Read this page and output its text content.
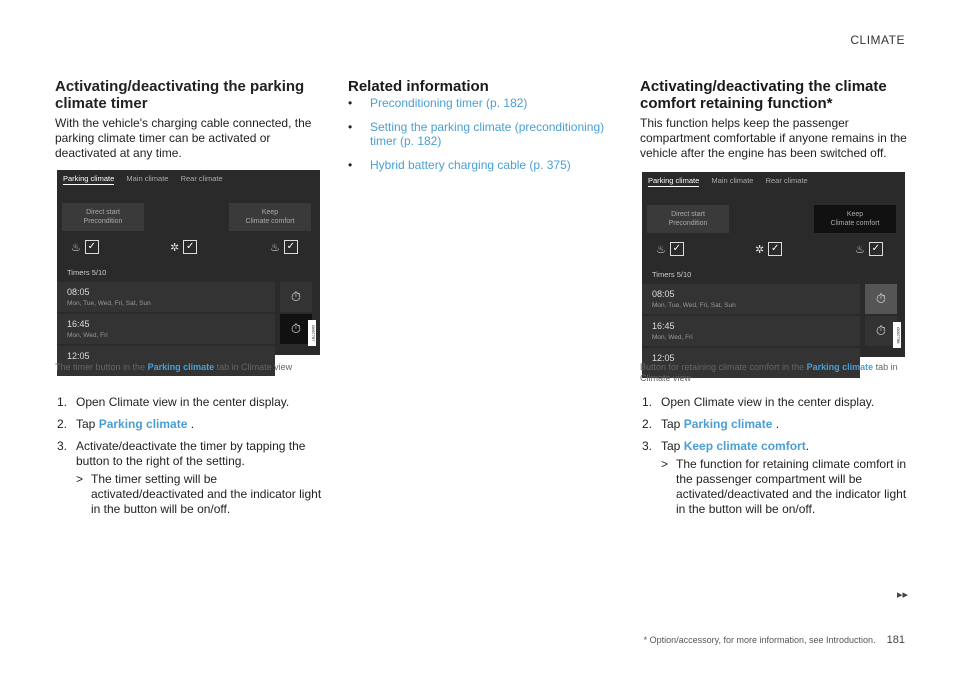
CLIMATE
Activating/deactivating the parking climate timer

With the vehicle's charging cable connected, the parking climate timer can be activated or deactivated at any time.

Parking climate Main climate Rear climate
Direct start
Precondition
Keep
Climate comfort
♨ ✓	✲ ✓	♨ ✓
Timers 5/10
08:05
Mon, Tue, Wed, Fri, Sat, Sun	⏱
16:45
Mon, Wed, Fri	⏱
12:05
G057767
The timer button in the Parking climate tab in Climate view
1. Open Climate view in the center display.
2. Tap Parking climate .
3. Activate/deactivate the timer by tapping the button to the right of the setting.
> The timer setting will be activated/deactivated and the indicator light in the button will be on/off.
Related information
•	Preconditioning timer (p. 182)
•	Setting the parking climate (preconditioning) timer (p. 182)
•	Hybrid battery charging cable (p. 375)
Activating/deactivating the climate comfort retaining function*

This function helps keep the passenger compartment comfortable if anyone remains in the vehicle after the engine has been switched off.

Parking climate Main climate Rear climate
Direct start
Precondition
Keep
Climate comfort
♨ ✓	✲ ✓	♨ ✓
Timers 5/10
08:05
Mon, Tue, Wed, Fri, Sat, Sun	⏱
16:45
Mon, Wed, Fri	⏱
12:05
G057768
Button for retaining climate comfort in the Parking climate tab in Climate view
1. Open Climate view in the center display.
2. Tap Parking climate .
3. Tap Keep climate comfort.
> The function for retaining climate comfort in the passenger compartment will be activated/deactivated and the indicator light in the button will be on/off.
▸▸
* Option/accessory, for more information, see Introduction. 181
